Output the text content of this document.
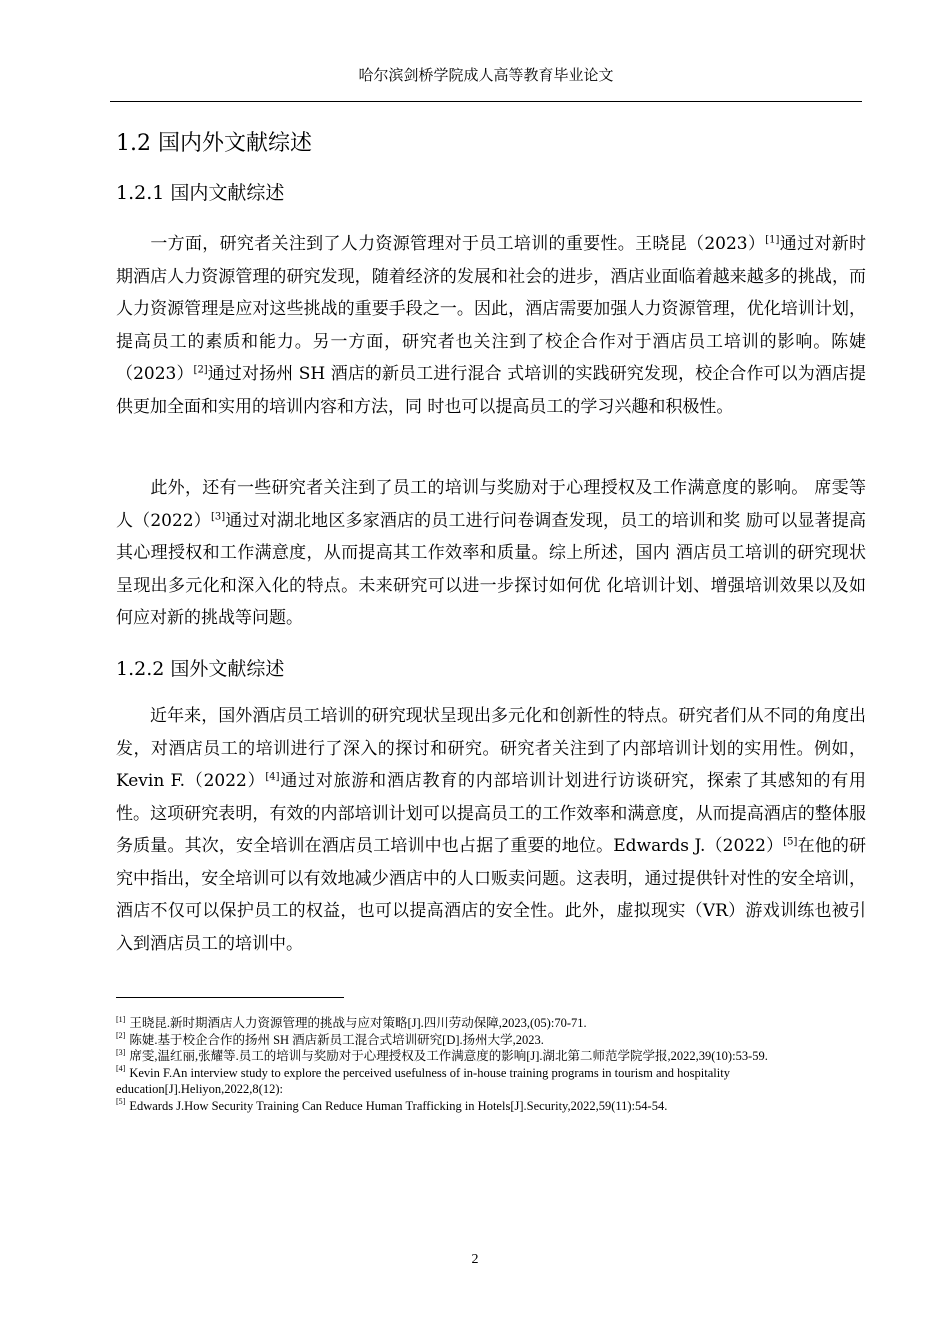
哈尔滨剑桥学院成人高等教育毕业论文
1.2 国内外文献综述
1.2.1 国内文献综述
一方面，研究者关注到了人力资源管理对于员工培训的重要性。王晓昆（2023）[1]通过对新时期酒店人力资源管理的研究发现，随着经济的发展和社会的进步，酒店业面临着越来越多的挑战，而人力资源管理是应对这些挑战的重要手段之一。因此，酒店需要加强人力资源管理，优化培训计划，提高员工的素质和能力。另一方面，研究者也关注到了校企合作对于酒店员工培训的影响。陈婕（2023）[2]通过对扬州 SH 酒店的新员工进行混合 式培训的实践研究发现，校企合作可以为酒店提供更加全面和实用的培训内容和方法，同 时也可以提高员工的学习兴趣和积极性。
此外，还有一些研究者关注到了员工的培训与奖励对于心理授权及工作满意度的影响。 席雯等人（2022）[3]通过对湖北地区多家酒店的员工进行问卷调查发现，员工的培训和奖 励可以显著提高其心理授权和工作满意度，从而提高其工作效率和质量。综上所述，国内 酒店员工培训的研究现状呈现出多元化和深入化的特点。未来研究可以进一步探讨如何优 化培训计划、增强培训效果以及如何应对新的挑战等问题。
1.2.2 国外文献综述
近年来，国外酒店员工培训的研究现状呈现出多元化和创新性的特点。研究者们从不同的角度出发，对酒店员工的培训进行了深入的探讨和研究。研究者关注到了内部培训计划的实用性。例如，Kevin F.（2022）[4]通过对旅游和酒店教育的内部培训计划进行访谈研究，探索了其感知的有用性。这项研究表明，有效的内部培训计划可以提高员工的工作效率和满意度，从而提高酒店的整体服务质量。其次，安全培训在酒店员工培训中也占据了重要的地位。Edwards J.（2022）[5]在他的研究中指出，安全培训可以有效地减少酒店中的人口贩卖问题。这表明，通过提供针对性的安全培训，酒店不仅可以保护员工的权益，也可以提高酒店的安全性。此外，虚拟现实（VR）游戏训练也被引入到酒店员工的培训中。

[1] 王晓昆.新时期酒店人力资源管理的挑战与应对策略[J].四川劳动保障,2023,(05):70-71.

[2] 陈婕.基于校企合作的扬州 SH 酒店新员工混合式培训研究[D].扬州大学,2023.

[3] 席雯,温红丽,张耀等.员工的培训与奖励对于心理授权及工作满意度的影响[J].湖北第二师范学院学报,2022,39(10):53-59.

[4] Kevin F.An interview study to explore the perceived usefulness of in-house training programs in tourism and hospitality education[J].Heliyon,2022,8(12):

[5] Edwards J.How Security Training Can Reduce Human Trafficking in Hotels[J].Security,2022,59(11):54-54.

2
